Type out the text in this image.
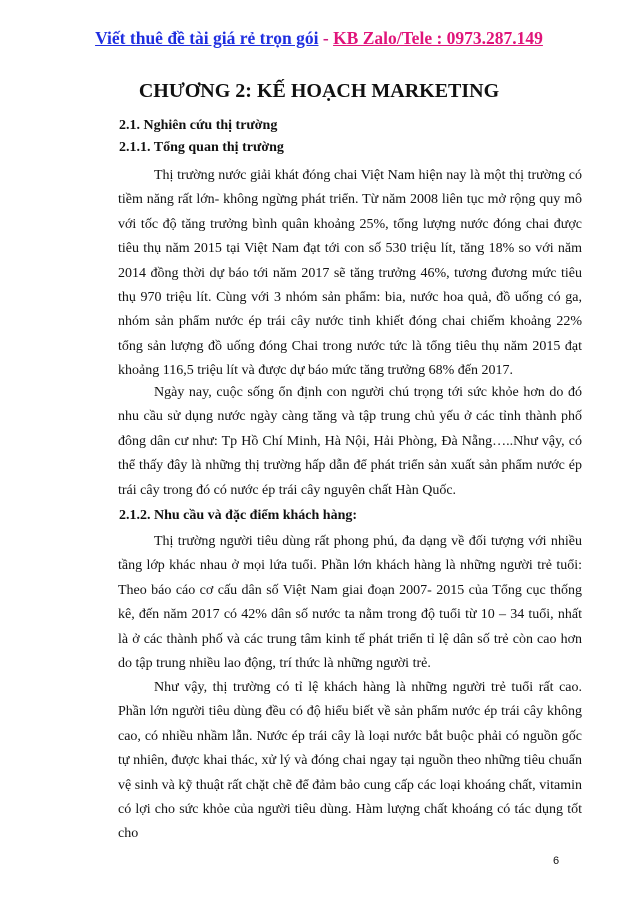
Viết thuê đề tài giá rẻ trọn gói - KB Zalo/Tele : 0973.287.149
CHƯƠNG 2: KẾ HOẠCH MARKETING
2.1. Nghiên cứu thị trường
2.1.1. Tổng quan thị trường

Thị trường nước giải khát đóng chai Việt Nam hiện nay là một thị trường có tiềm năng rất lớn- không ngừng phát triển. Từ năm 2008 liên tục mở rộng quy mô với tốc độ tăng trưởng bình quân khoảng 25%, tổng lượng nước đóng chai được tiêu thụ năm 2015 tại Việt Nam đạt tới con số 530 triệu lít, tăng 18% so với năm 2014 đồng thời dự báo tới năm 2017 sẽ tăng trưởng 46%, tương đương mức tiêu thụ 970 triệu lít. Cùng với 3 nhóm sản phẩm: bia, nước hoa quả, đồ uống có ga, nhóm sản phẩm nước ép trái cây nước tinh khiết đóng chai chiếm khoảng 22% tổng sản lượng đồ uống đóng Chai trong nước tức là tổng tiêu thụ năm 2015 đạt khoảng 116,5 triệu lít và được dự báo mức tăng trưởng 68% đến 2017.

Ngày nay, cuộc sống ổn định con người chú trọng tới sức khỏe hơn do đó nhu cầu sử dụng nước ngày càng tăng và tập trung chủ yếu ở các tỉnh thành phố đông dân cư như: Tp Hồ Chí Minh, Hà Nội, Hải Phòng, Đà Nẵng…..Như vậy, có thể thấy đây là những thị trường hấp dẫn để phát triển sản xuất sản phẩm nước ép trái cây trong đó có nước ép trái cây nguyên chất Hàn Quốc.

2.1.2. Nhu cầu và đặc điểm khách hàng:

Thị trường người tiêu dùng rất phong phú, đa dạng về đối tượng với nhiều tầng lớp khác nhau ở mọi lứa tuổi. Phần lớn khách hàng là những người trẻ tuổi: Theo báo cáo cơ cấu dân số Việt Nam giai đoạn 2007- 2015 của Tổng cục thống kê, đến năm 2017 có 42% dân số nước ta nằm trong độ tuổi từ 10 – 34 tuổi, nhất là ở các thành phố và các trung tâm kinh tế phát triển tỉ lệ dân số trẻ còn cao hơn do tập trung nhiều lao động, trí thức là những người trẻ.

Như vậy, thị trường có tỉ lệ khách hàng là những người trẻ tuổi rất cao. Phần lớn người tiêu dùng đều có độ hiểu biết về sản phẩm nước ép trái cây không cao, có nhiều nhầm lẫn. Nước ép trái cây là loại nước bắt buộc phải có nguồn gốc tự nhiên, được khai thác, xử lý và đóng chai ngay tại nguồn theo những tiêu chuẩn vệ sinh và kỹ thuật rất chặt chẽ để đảm bảo cung cấp các loại khoáng chất, vitamin có lợi cho sức khỏe của người tiêu dùng. Hàm lượng chất khoáng có tác dụng tốt cho

6
